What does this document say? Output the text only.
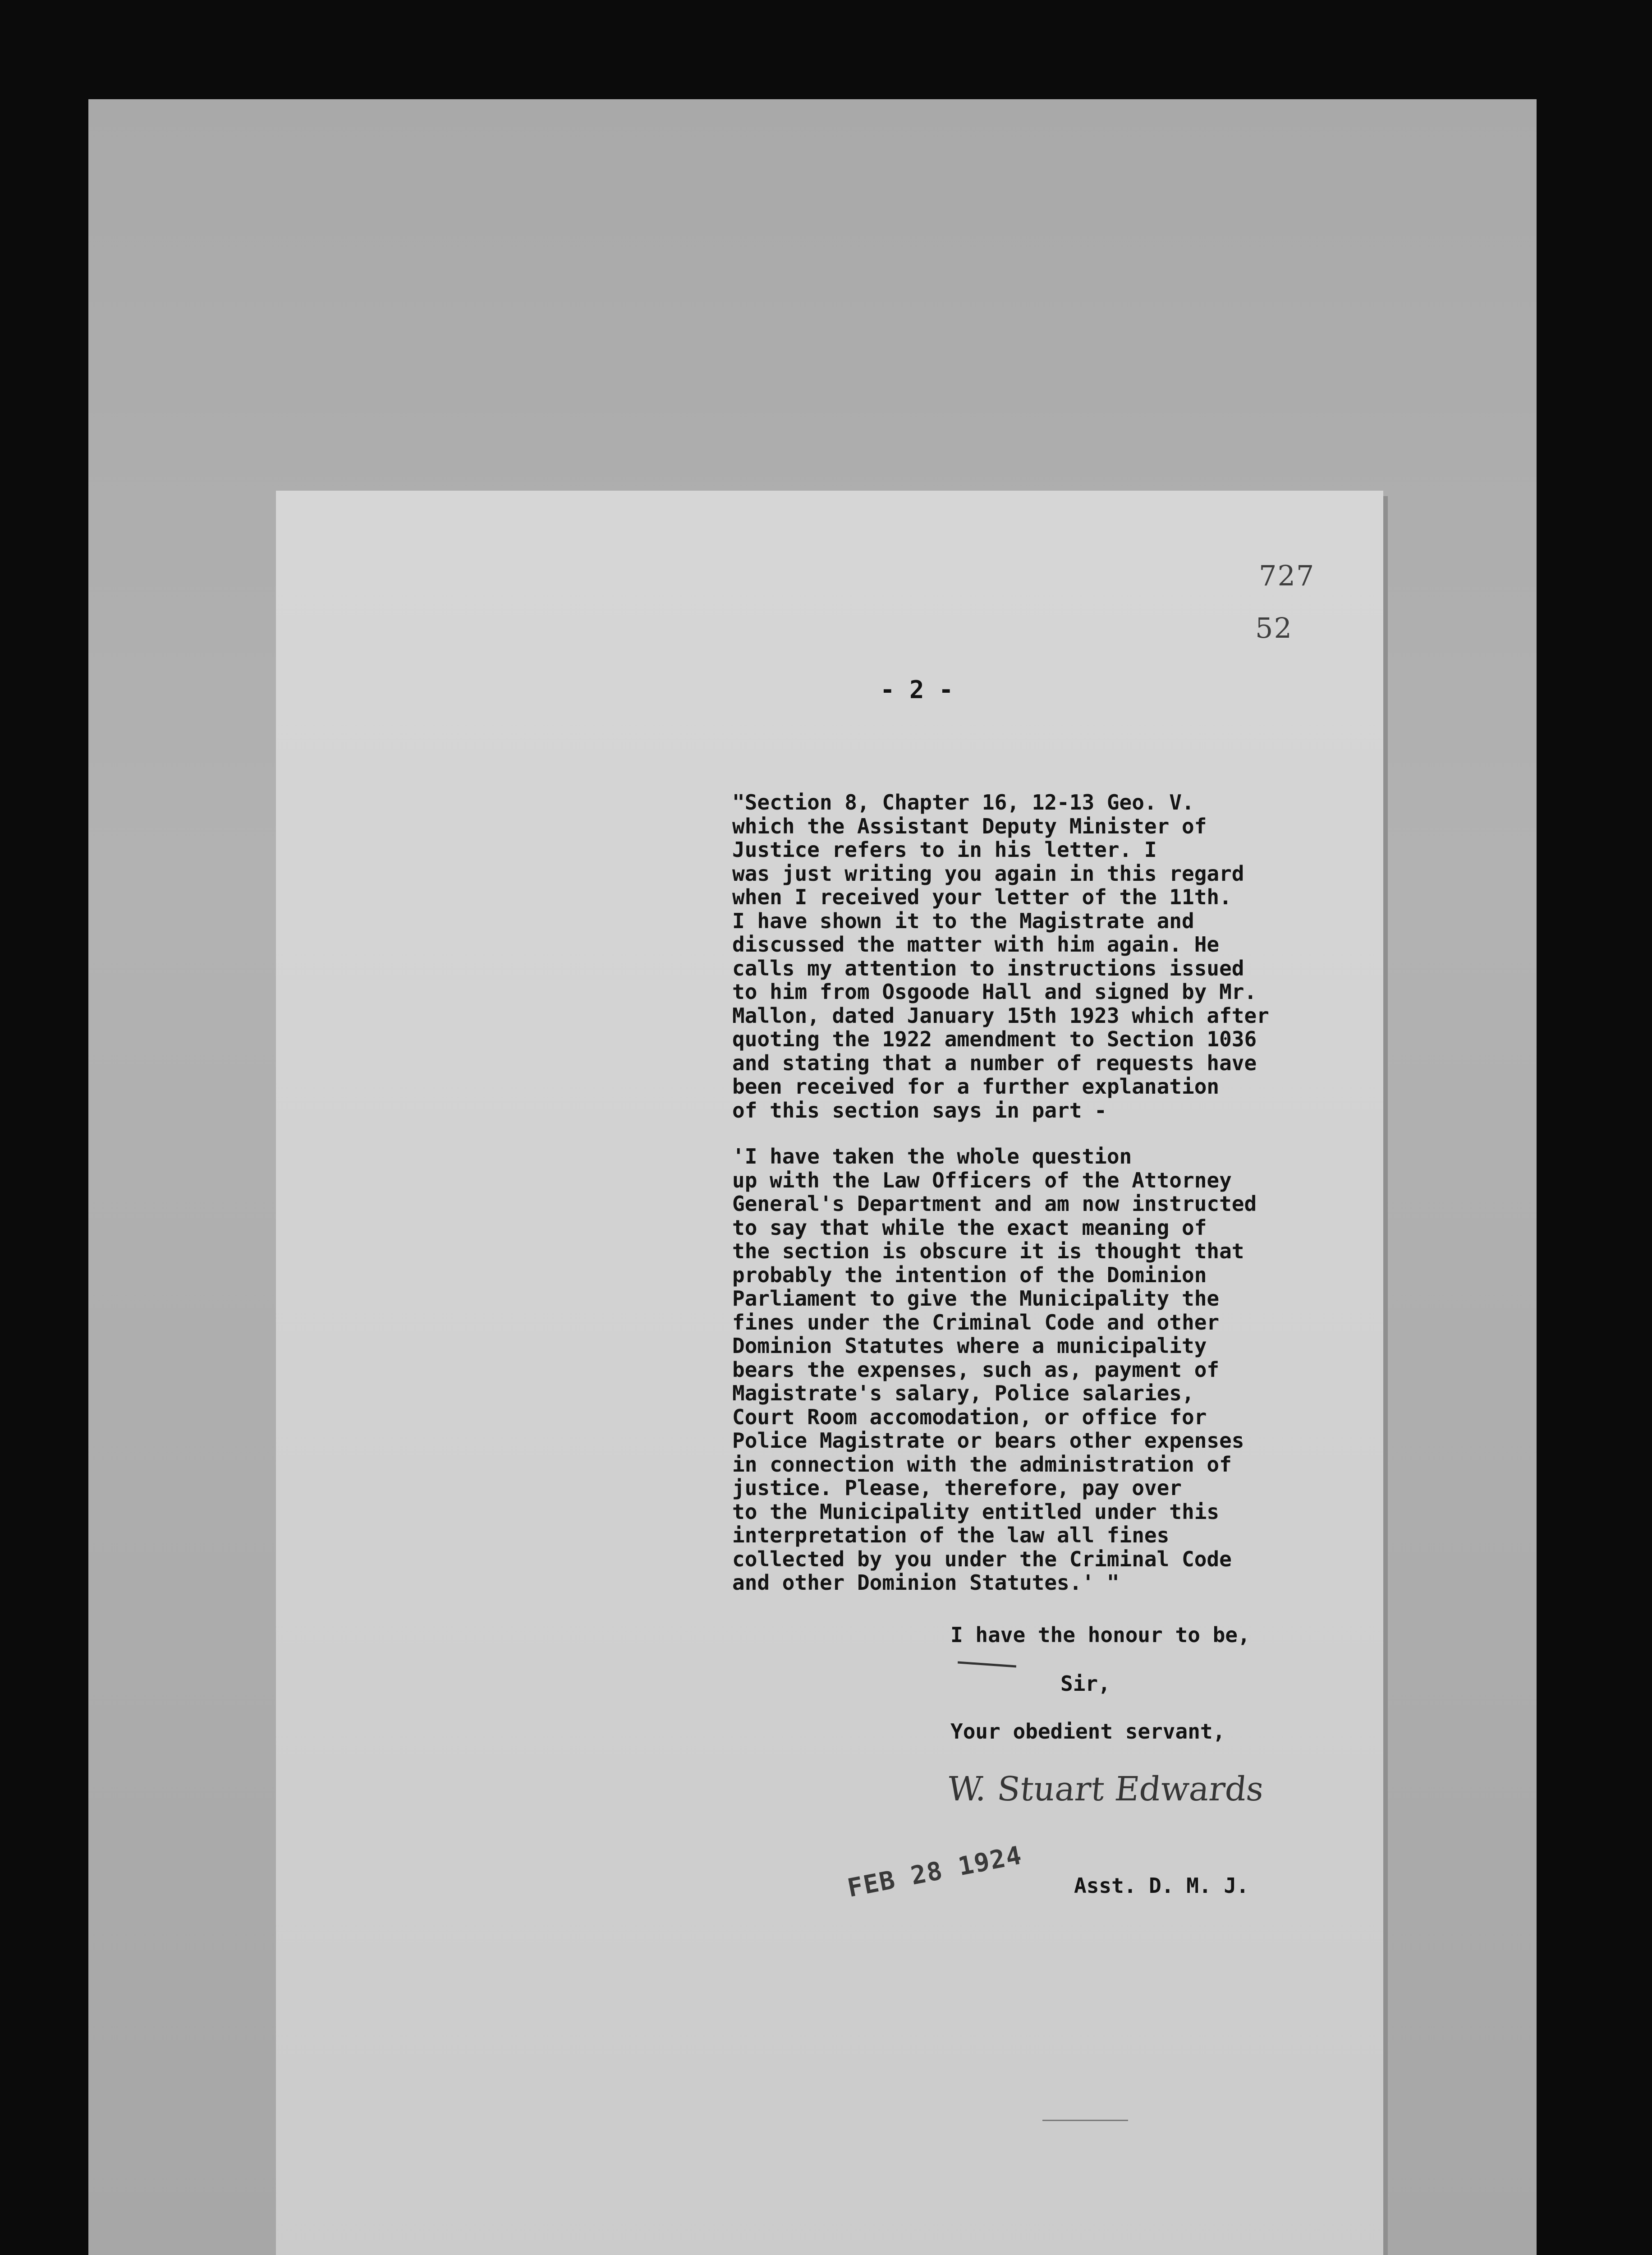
727
52
- 2 -
"Section 8, Chapter 16, 12-13 Geo. V.
which the Assistant Deputy Minister of
Justice refers to in his letter. I
was just writing you again in this regard
when I received your letter of the 11th.
I have shown it to the Magistrate and
discussed the matter with him again. He
calls my attention to instructions issued
to him from Osgoode Hall and signed by Mr.
Mallon, dated January 15th 1923 which after
quoting the 1922 amendment to Section 1036
and stating that a number of requests have
been received for a further explanation
of this section says in part -
'I have taken the whole question
up with the Law Officers of the Attorney
General's Department and am now instructed
to say that while the exact meaning of
the section is obscure it is thought that
probably the intention of the Dominion
Parliament to give the Municipality the
fines under the Criminal Code and other
Dominion Statutes where a municipality
bears the expenses, such as, payment of
Magistrate's salary, Police salaries,
Court Room accomodation, or office for
Police Magistrate or bears other expenses
in connection with the administration of
justice. Please, therefore, pay over
to the Municipality entitled under this
interpretation of the law all fines
collected by you under the Criminal Code
and other Dominion Statutes.' "
I have the honour to be,
Sir,
Your obedient servant,
W. Stuart Edwards
FEB 28 1924 Asst. D. M. J.
